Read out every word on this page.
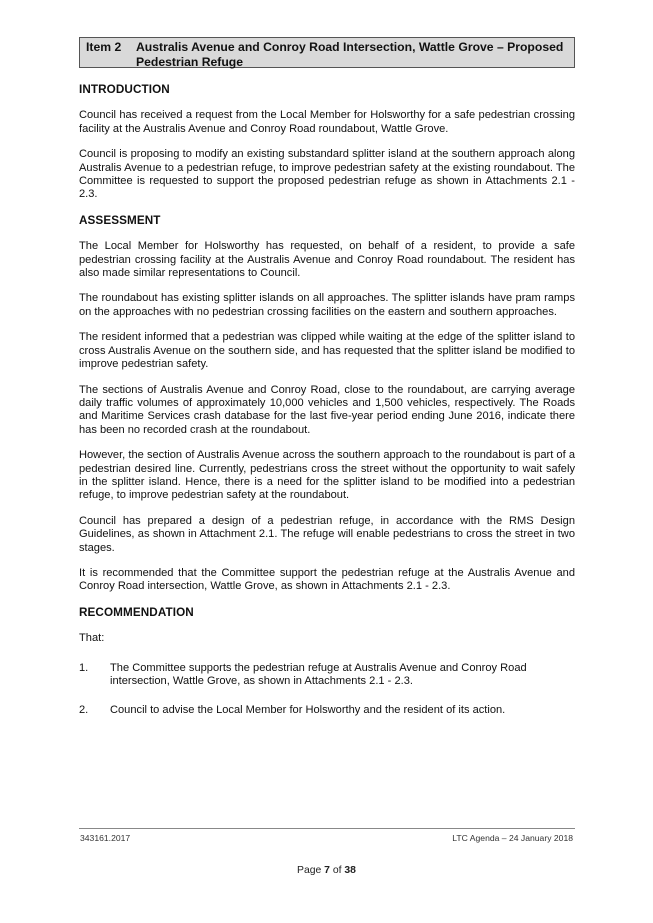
Item 2	Australis Avenue and Conroy Road Intersection, Wattle Grove – Proposed Pedestrian Refuge
INTRODUCTION

Council has received a request from the Local Member for Holsworthy for a safe pedestrian crossing facility at the Australis Avenue and Conroy Road roundabout, Wattle Grove.

Council is proposing to modify an existing substandard splitter island at the southern approach along Australis Avenue to a pedestrian refuge, to improve pedestrian safety at the existing roundabout. The Committee is requested to support the proposed pedestrian refuge as shown in Attachments 2.1 - 2.3.

ASSESSMENT

The Local Member for Holsworthy has requested, on behalf of a resident, to provide a safe pedestrian crossing facility at the Australis Avenue and Conroy Road roundabout. The resident has also made similar representations to Council.

The roundabout has existing splitter islands on all approaches. The splitter islands have pram ramps on the approaches with no pedestrian crossing facilities on the eastern and southern approaches.

The resident informed that a pedestrian was clipped while waiting at the edge of the splitter island to cross Australis Avenue on the southern side, and has requested that the splitter island be modified to improve pedestrian safety.

The sections of Australis Avenue and Conroy Road, close to the roundabout, are carrying average daily traffic volumes of approximately 10,000 vehicles and 1,500 vehicles, respectively. The Roads and Maritime Services crash database for the last five-year period ending June 2016, indicate there has been no recorded crash at the roundabout.

However, the section of Australis Avenue across the southern approach to the roundabout is part of a pedestrian desired line. Currently, pedestrians cross the street without the opportunity to wait safely in the splitter island. Hence, there is a need for the splitter island to be modified into a pedestrian refuge, to improve pedestrian safety at the roundabout.

Council has prepared a design of a pedestrian refuge, in accordance with the RMS Design Guidelines, as shown in Attachment 2.1. The refuge will enable pedestrians to cross the street in two stages.

It is recommended that the Committee support the pedestrian refuge at the Australis Avenue and Conroy Road intersection, Wattle Grove, as shown in Attachments 2.1 - 2.3.

RECOMMENDATION
That:
1.	The Committee supports the pedestrian refuge at Australis Avenue and Conroy Road intersection, Wattle Grove, as shown in Attachments 2.1 - 2.3.
2.	Council to advise the Local Member for Holsworthy and the resident of its action.
343161.2017	LTC Agenda – 24 January 2018
Page 7 of 38
